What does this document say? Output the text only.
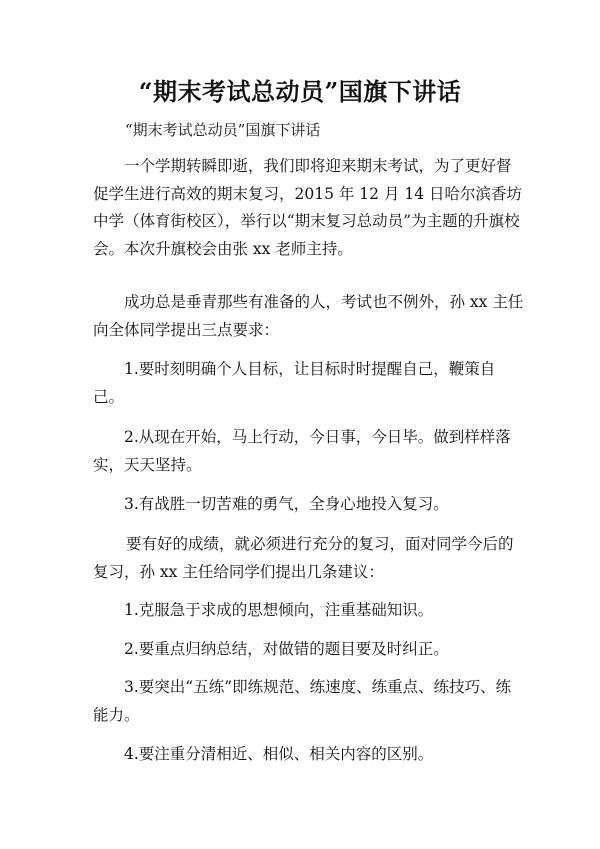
“期末考试总动员”国旗下讲话

“期末考试总动员”国旗下讲话

一个学期转瞬即逝，我们即将迎来期末考试，为了更好督促学生进行高效的期末复习，2015 年 12 月 14 日哈尔滨香坊中学（体育街校区），举行以“期末复习总动员”为主题的升旗校会。本次升旗校会由张 xx 老师主持。

成功总是垂青那些有准备的人，考试也不例外，孙 xx 主任向全体同学提出三点要求：

1.要时刻明确个人目标，让目标时时提醒自己，鞭策自己。

2.从现在开始，马上行动，今日事，今日毕。做到样样落实，天天坚持。

3.有战胜一切苦难的勇气，全身心地投入复习。

要有好的成绩，就必须进行充分的复习，面对同学今后的复习，孙 xx 主任给同学们提出几条建议：

1.克服急于求成的思想倾向，注重基础知识。

2.要重点归纳总结，对做错的题目要及时纠正。

3.要突出“五练”即练规范、练速度、练重点、练技巧、练能力。

4.要注重分清相近、相似、相关内容的区别。
